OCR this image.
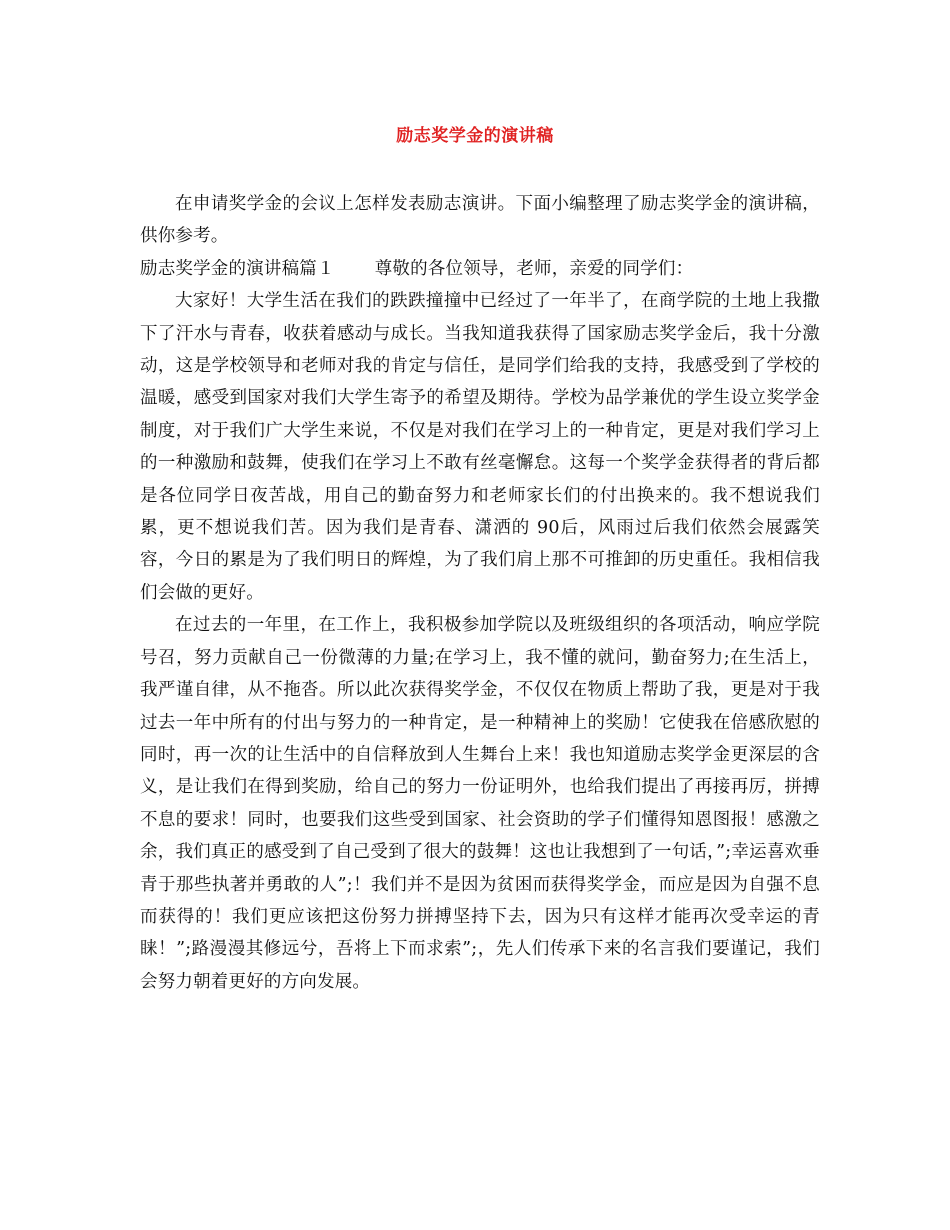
励志奖学金的演讲稿

在申请奖学金的会议上怎样发表励志演讲。下面小编整理了励志奖学金的演讲稿，供你参考。

励志奖学金的演讲稿篇１ 尊敬的各位领导，老师，亲爱的同学们：

大家好！大学生活在我们的跌跌撞撞中已经过了一年半了，在商学院的土地上我撒下了汗水与青春，收获着感动与成长。当我知道我获得了国家励志奖学金后，我十分激动，这是学校领导和老师对我的肯定与信任，是同学们给我的支持，我感受到了学校的温暖，感受到国家对我们大学生寄予的希望及期待。学校为品学兼优的学生设立奖学金制度，对于我们广大学生来说，不仅是对我们在学习上的一种肯定，更是对我们学习上的一种激励和鼓舞，使我们在学习上不敢有丝毫懈怠。这每一个奖学金获得者的背后都是各位同学日夜苦战，用自己的勤奋努力和老师家长们的付出换来的。我不想说我们累，更不想说我们苦。因为我们是青春、潇洒的 90后，风雨过后我们依然会展露笑容，今日的累是为了我们明日的辉煌，为了我们肩上那不可推卸的历史重任。我相信我们会做的更好。

在过去的一年里，在工作上，我积极参加学院以及班级组织的各项活动，响应学院号召，努力贡献自己一份微薄的力量;在学习上，我不懂的就问，勤奋努力;在生活上，我严谨自律，从不拖沓。所以此次获得奖学金，不仅仅在物质上帮助了我，更是对于我过去一年中所有的付出与努力的一种肯定，是一种精神上的奖励！它使我在倍感欣慰的同时，再一次的让生活中的自信释放到人生舞台上来！我也知道励志奖学金更深层的含义，是让我们在得到奖励，给自己的努力一份证明外，也给我们提出了再接再厉，拼搏不息的要求！同时，也要我们这些受到国家、社会资助的学子们懂得知恩图报！感激之余，我们真正的感受到了自己受到了很大的鼓舞！这也让我想到了一句话，”;幸运喜欢垂青于那些执著并勇敢的人”;！我们并不是因为贫困而获得奖学金，而应是因为自强不息而获得的！我们更应该把这份努力拼搏坚持下去，因为只有这样才能再次受幸运的青睐！”;路漫漫其修远兮，吾将上下而求索”;，先人们传承下来的名言我们要谨记，我们会努力朝着更好的方向发展。
